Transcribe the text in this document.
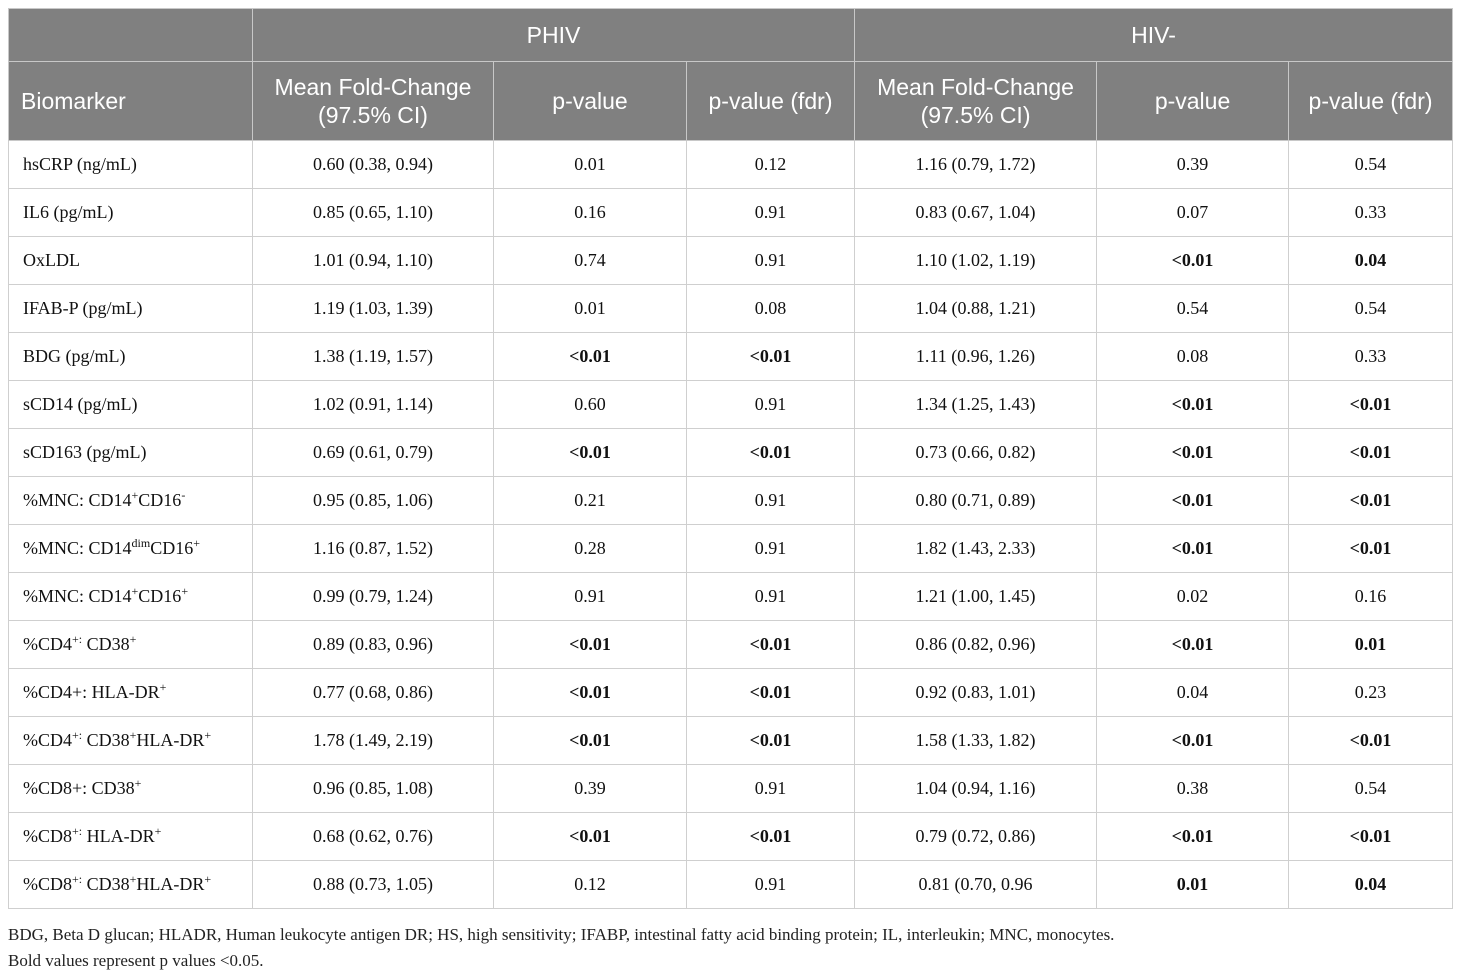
	PHIV			HIV-		
Biomarker	Mean Fold-Change (97.5% CI)	p-value	p-value (fdr)	Mean Fold-Change (97.5% CI)	p-value	p-value (fdr)
hsCRP (ng/mL)	0.60 (0.38, 0.94)	0.01	0.12	1.16 (0.79, 1.72)	0.39	0.54
IL6 (pg/mL)	0.85 (0.65, 1.10)	0.16	0.91	0.83 (0.67, 1.04)	0.07	0.33
OxLDL	1.01 (0.94, 1.10)	0.74	0.91	1.10 (1.02, 1.19)	<0.01	0.04
IFAB-P (pg/mL)	1.19 (1.03, 1.39)	0.01	0.08	1.04 (0.88, 1.21)	0.54	0.54
BDG (pg/mL)	1.38 (1.19, 1.57)	<0.01	<0.01	1.11 (0.96, 1.26)	0.08	0.33
sCD14 (pg/mL)	1.02 (0.91, 1.14)	0.60	0.91	1.34 (1.25, 1.43)	<0.01	<0.01
sCD163 (pg/mL)	0.69 (0.61, 0.79)	<0.01	<0.01	0.73 (0.66, 0.82)	<0.01	<0.01
%MNC: CD14+CD16-	0.95 (0.85, 1.06)	0.21	0.91	0.80 (0.71, 0.89)	<0.01	<0.01
%MNC: $CD14^{dim}CD16^+$	1.16 (0.87, 1.52)	0.28	0.91	1.82 (1.43, 2.33)	<0.01	<0.01
%MNC: CD14+CD16+	0.99 (0.79, 1.24)	0.91	0.91	1.21 (1.00, 1.45)	0.02	0.16
%CD4+: CD38+	0.89 (0.83, 0.96)	<0.01	<0.01	0.86 (0.82, 0.96)	<0.01	0.01
%CD4+: HLA-DR+	0.77 (0.68, 0.86)	<0.01	<0.01	0.92 (0.83, 1.01)	0.04	0.23
%CD4+: CD38+HLA-DR+	1.78 (1.49, 2.19)	<0.01	<0.01	1.58 (1.33, 1.82)	<0.01	<0.01
%CD8+: CD38+	0.96 (0.85, 1.08)	0.39	0.91	1.04 (0.94, 1.16)	0.38	0.54
%CD8+: HLA-DR+	0.68 (0.62, 0.76)	<0.01	<0.01	0.79 (0.72, 0.86)	<0.01	<0.01
%CD8+: CD38+HLA-DR+	0.88 (0.73, 1.05)	0.12	0.91	0.81 (0.70, 0.96	0.01	0.04
BDG, Beta D glucan; HLADR, Human leukocyte antigen DR; HS, high sensitivity; IFABP, intestinal fatty acid binding protein; IL, interleukin; MNC, monocytes.
Bold values represent p values <0.05.
